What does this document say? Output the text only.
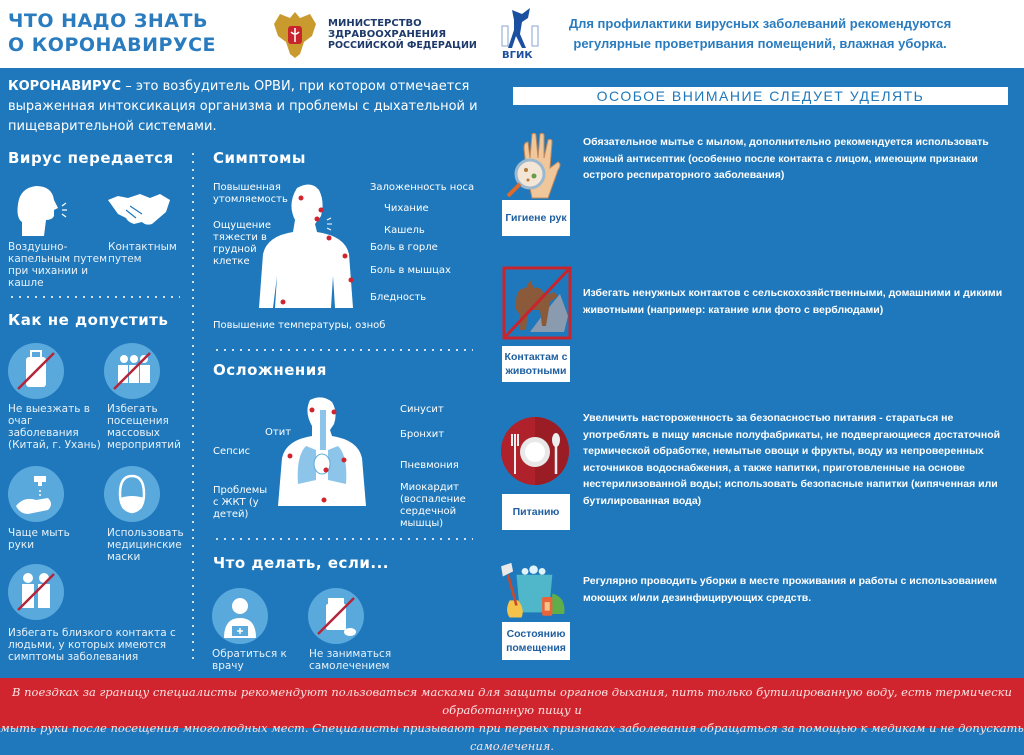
ЧТО НАДО ЗНАТЬ
О КОРОНАВИРУСЕ
МИНИСТЕРСТВО
ЗДРАВООХРАНЕНИЯ
РОССИЙСКОЙ ФЕДЕРАЦИИ
ВГИК
Для профилактики вирусных заболеваний рекомендуются
регулярные проветривания помещений, влажная уборка.
КОРОНАВИРУС – это возбудитель ОРВИ, при котором отмечается выраженная интоксикация организма и проблемы с дыхательной и пищеварительной системами.
ОСОБОЕ ВНИМАНИЕ СЛЕДУЕТ УДЕЛЯТЬ
Вирус передается
Воздушно-капельным путем при чихании и кашле
Контактным путем
Как не допустить
Не выезжать в очаг заболевания (Китай, г. Ухань)
Избегать посещения массовых мероприятий
Чаще мыть руки
Использовать медицинские маски
Избегать близкого контакта с людьми, у которых имеются симптомы заболевания
Симптомы
Повышенная утомляемость
Ощущение тяжести в грудной клетке
Заложенность носа
Чихание
Кашель
Боль в горле
Боль в мышцах
Бледность
Повышение температуры, озноб
Осложнения
Отит
Сепсис
Проблемы с ЖКТ (у детей)
Синусит
Бронхит
Пневмония
Миокардит (воспаление сердечной мышцы)
Что делать, если...
Обратиться к врачу
Не заниматься самолечением
Гигиене рук
Обязательное мытье с мылом, дополнительно рекомендуется использовать кожный антисептик (особенно после контакта с лицом, имеющим признаки острого респираторного заболевания)
Контактам с животными
Избегать ненужных контактов с сельскохозяйственными, домашними и дикими животными (например: катание или фото с верблюдами)
Питанию
Увеличить настороженность за безопасностью питания - стараться не употреблять в пищу мясные полуфабрикаты, не подвергающиеся достаточной термической обработке, немытые овощи и фрукты, воду из непроверенных источников водоснабжения, а также напитки, приготовленные на основе нестерилизованной воды; использовать безопасные напитки (кипяченная или бутилированная вода)
Состоянию помещения
Регулярно проводить уборки в месте проживания и работы с использованием моющих и/или дезинфицирующих средств.
В поездках за границу специалисты рекомендуют пользоваться масками для защиты органов дыхания, пить только бутилированную воду, есть термически обработанную пищу и
мыть руки после посещения многолюдных мест. Специалисты призывают при первых признаках заболевания обращаться за помощью к медикам и не допускать самолечения.
